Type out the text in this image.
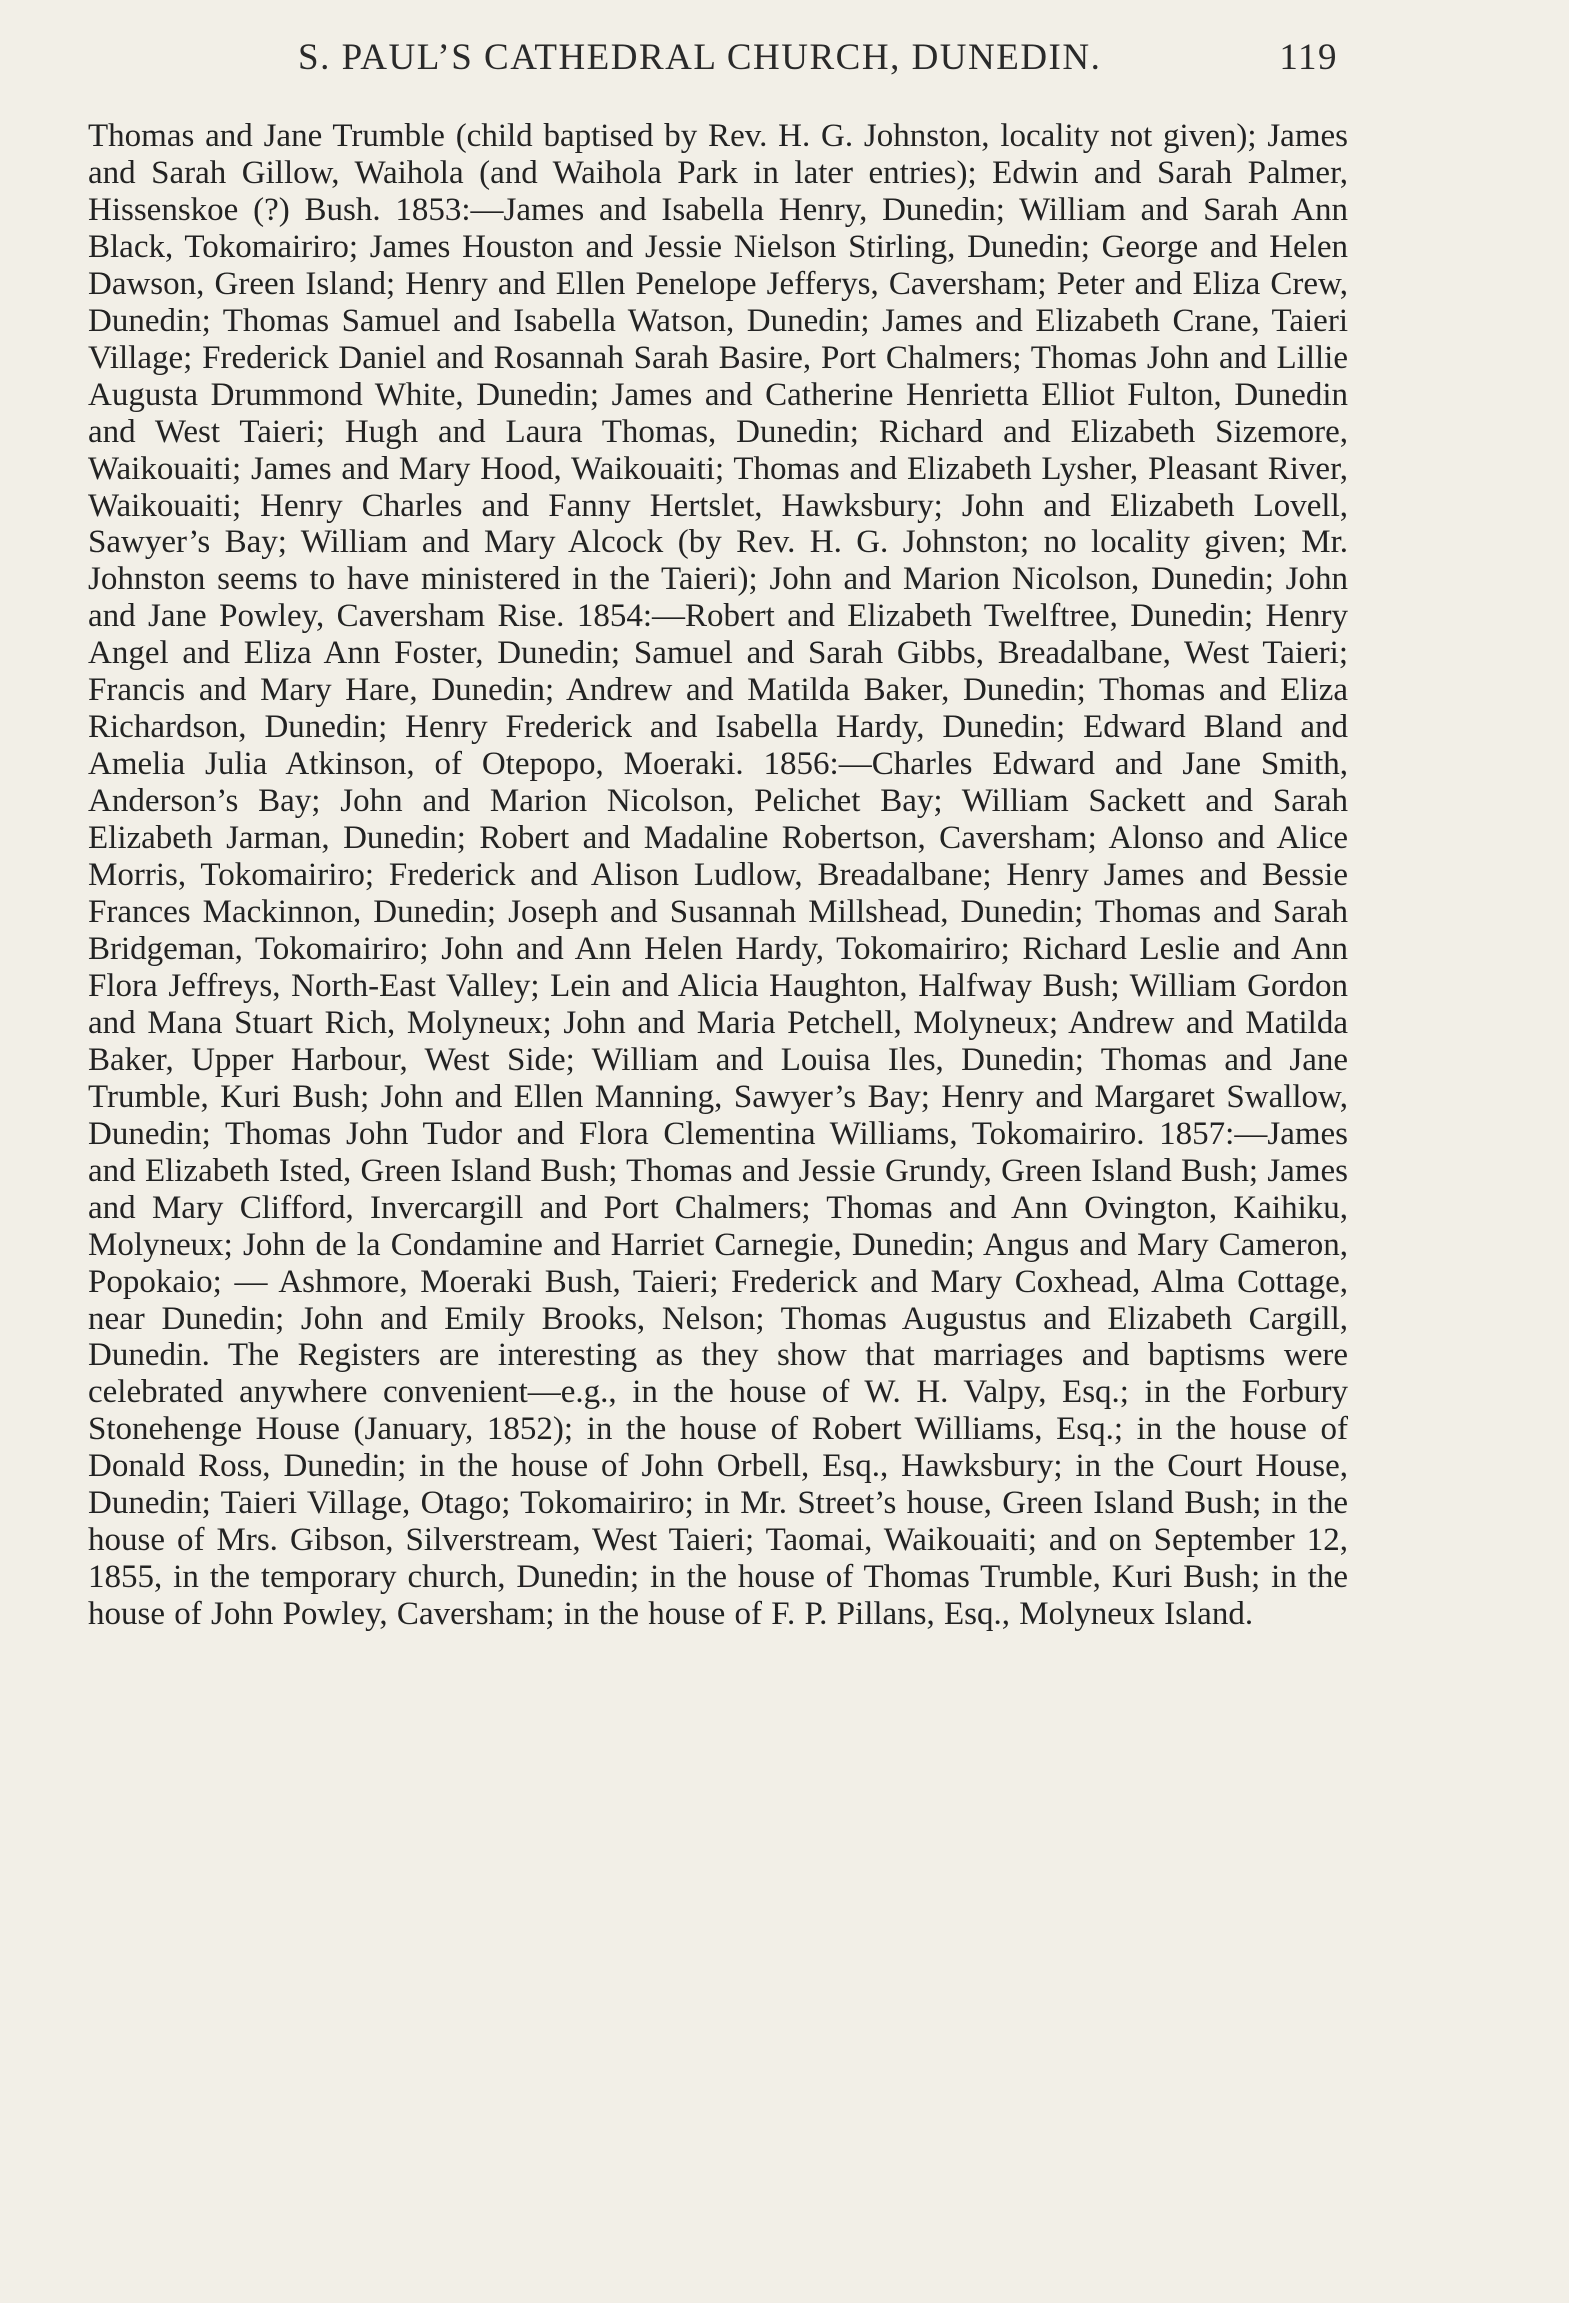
S. PAUL’S CATHEDRAL CHURCH, DUNEDIN.	119

Thomas and Jane Trumble (child baptised by Rev. H. G. Johnston, locality not given); James and Sarah Gillow, Waihola (and Waihola Park in later entries); Edwin and Sarah Palmer, Hissenskoe (?) Bush. 1853:—James and Isabella Henry, Dunedin; William and Sarah Ann Black, Tokomairiro; James Houston and Jessie Nielson Stirling, Dunedin; George and Helen Dawson, Green Island; Henry and Ellen Penelope Jefferys, Caversham; Peter and Eliza Crew, Dunedin; Thomas Samuel and Isabella Watson, Dunedin; James and Elizabeth Crane, Taieri Village; Frederick Daniel and Rosannah Sarah Basire, Port Chalmers; Thomas John and Lillie Augusta Drummond White, Dunedin; James and Catherine Henrietta Elliot Fulton, Dunedin and West Taieri; Hugh and Laura Thomas, Dunedin; Richard and Elizabeth Sizemore, Waikouaiti; James and Mary Hood, Waikouaiti; Thomas and Elizabeth Lysher, Pleasant River, Waikouaiti; Henry Charles and Fanny Hertslet, Hawksbury; John and Elizabeth Lovell, Sawyer’s Bay; William and Mary Alcock (by Rev. H. G. Johnston; no locality given; Mr. Johnston seems to have ministered in the Taieri); John and Marion Nicolson, Dunedin; John and Jane Powley, Caversham Rise. 1854:—Robert and Elizabeth Twelftree, Dunedin; Henry Angel and Eliza Ann Foster, Dunedin; Samuel and Sarah Gibbs, Breadalbane, West Taieri; Francis and Mary Hare, Dunedin; Andrew and Matilda Baker, Dunedin; Thomas and Eliza Richardson, Dunedin; Henry Frederick and Isabella Hardy, Dunedin; Edward Bland and Amelia Julia Atkinson, of Otepopo, Moeraki. 1856:—Charles Edward and Jane Smith, Anderson’s Bay; John and Marion Nicolson, Pelichet Bay; William Sackett and Sarah Elizabeth Jarman, Dunedin; Robert and Madaline Robertson, Caversham; Alonso and Alice Morris, Tokomairiro; Frederick and Alison Ludlow, Breadalbane; Henry James and Bessie Frances Mackinnon, Dunedin; Joseph and Susannah Millshead, Dunedin; Thomas and Sarah Bridgeman, Tokomairiro; John and Ann Helen Hardy, Tokomairiro; Richard Leslie and Ann Flora Jeffreys, North-East Valley; Lein and Alicia Haughton, Halfway Bush; William Gordon and Mana Stuart Rich, Molyneux; John and Maria Petchell, Molyneux; Andrew and Matilda Baker, Upper Harbour, West Side; William and Louisa Iles, Dunedin; Thomas and Jane Trumble, Kuri Bush; John and Ellen Manning, Sawyer’s Bay; Henry and Margaret Swallow, Dunedin; Thomas John Tudor and Flora Clementina Williams, Tokomairiro. 1857:—James and Elizabeth Isted, Green Island Bush; Thomas and Jessie Grundy, Green Island Bush; James and Mary Clifford, Invercargill and Port Chalmers; Thomas and Ann Ovington, Kaihiku, Molyneux; John de la Condamine and Harriet Carnegie, Dunedin; Angus and Mary Cameron, Popokaio; — Ashmore, Moeraki Bush, Taieri; Frederick and Mary Coxhead, Alma Cottage, near Dunedin; John and Emily Brooks, Nelson; Thomas Augustus and Elizabeth Cargill, Dunedin. The Registers are interesting as they show that marriages and baptisms were celebrated anywhere convenient—e.g., in the house of W. H. Valpy, Esq.; in the Forbury Stonehenge House (January, 1852); in the house of Robert Williams, Esq.; in the house of Donald Ross, Dunedin; in the house of John Orbell, Esq., Hawksbury; in the Court House, Dunedin; Taieri Village, Otago; Tokomairiro; in Mr. Street’s house, Green Island Bush; in the house of Mrs. Gibson, Silverstream, West Taieri; Taomai, Waikouaiti; and on September 12, 1855, in the temporary church, Dunedin; in the house of Thomas Trumble, Kuri Bush; in the house of John Powley, Caversham; in the house of F. P. Pillans, Esq., Molyneux Island.
